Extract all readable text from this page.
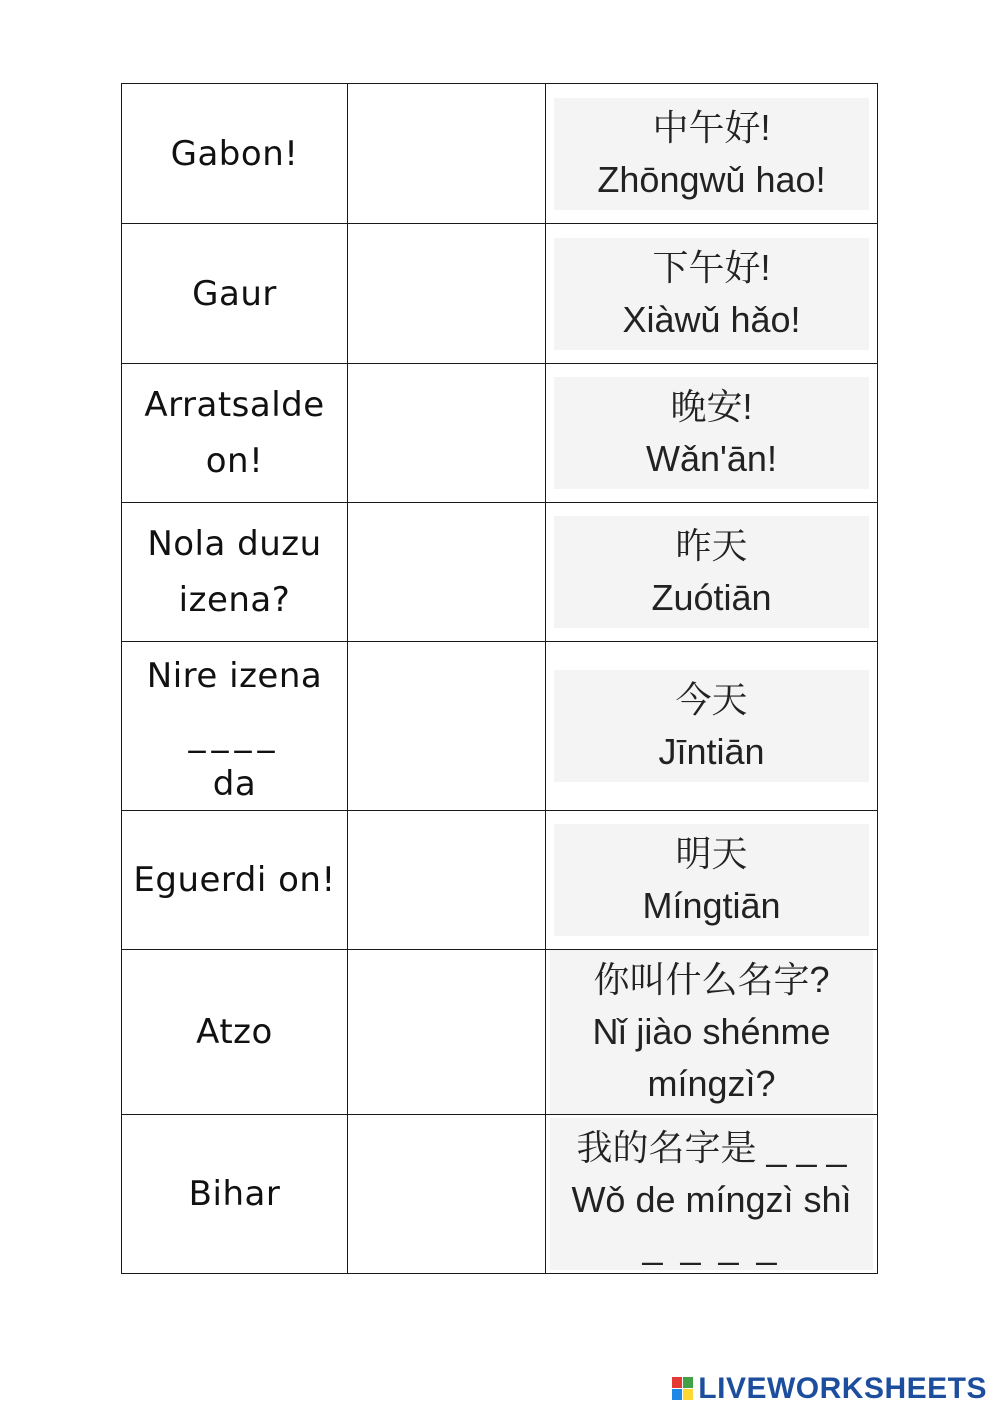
Gabon!		中午好!
Zhōngwǔ hao!

Gaur		下午好!
Xiàwǔ hǎo!

Arratsalde on!		晚安!
Wǎn'ān!

Nola duzu izena?		昨天
Zuótiān

Nire izena
____
da		今天
Jīntiān

Eguerdi on!		明天
Míngtiān

Atzo		你叫什么名字?
Nǐ jiào shénme míngzì?

Bihar		我的名字是 _ _ _
Wǒ de míngzì shì
_ _ _ _
LIVEWORKSHEETS
